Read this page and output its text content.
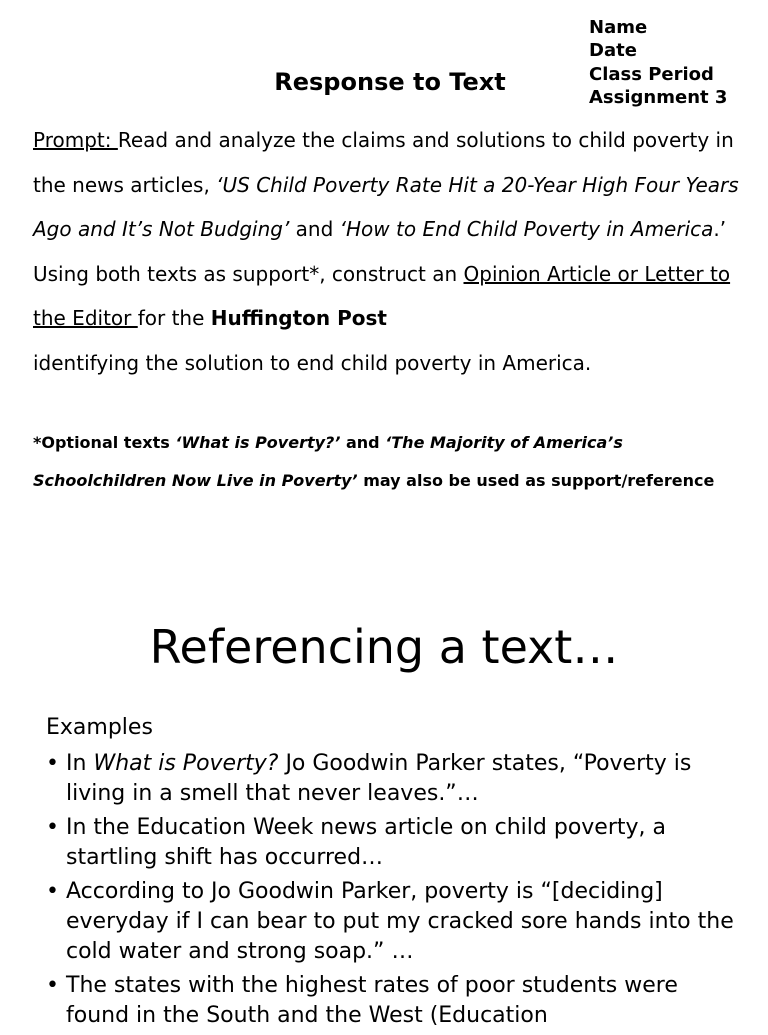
Name
Date
Class Period
Assignment 3
Response to Text
Prompt: Read and analyze the claims and solutions to child poverty in the news articles, ‘US Child Poverty Rate Hit a 20-Year High Four Years Ago and It’s Not Budging’ and ‘How to End Child Poverty in America.’ Using both texts as support*, construct an Opinion Article or Letter to the Editor for the Huffington Post
identifying the solution to end child poverty in America.
*Optional texts ‘What is Poverty?’ and ‘The Majority of America’s Schoolchildren Now Live in Poverty’ may also be used as support/reference
Referencing a text…
Examples
• In What is Poverty? Jo Goodwin Parker states, “Poverty is living in a smell that never leaves.”…
• In the Education Week news article on child poverty, a startling shift has occurred…
• According to Jo Goodwin Parker, poverty is “[deciding] everyday if I can bear to put my cracked sore hands into the cold water and strong soap.” …
• The states with the highest rates of poor students were found in the South and the West (Education
